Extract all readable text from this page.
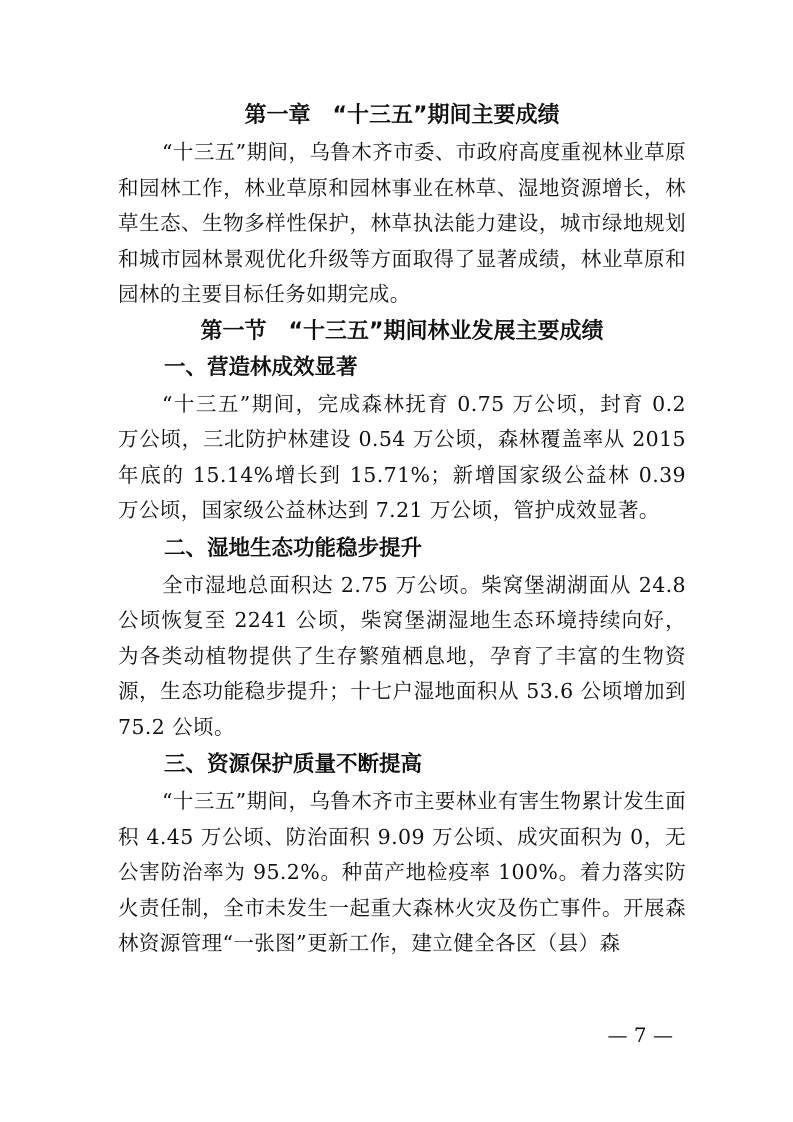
第一章　“十三五”期间主要成绩

“十三五”期间，乌鲁木齐市委、市政府高度重视林业草原和园林工作，林业草原和园林事业在林草、湿地资源增长，林草生态、生物多样性保护，林草执法能力建设，城市绿地规划和城市园林景观优化升级等方面取得了显著成绩，林业草原和园林的主要目标任务如期完成。

第一节　“十三五”期间林业发展主要成绩
一、营造林成效显著

“十三五”期间，完成森林抚育 0.75 万公顷，封育 0.2 万公顷，三北防护林建设 0.54 万公顷，森林覆盖率从 2015 年底的 15.14%增长到 15.71%；新增国家级公益林 0.39 万公顷，国家级公益林达到 7.21 万公顷，管护成效显著。

二、湿地生态功能稳步提升

全市湿地总面积达 2.75 万公顷。柴窝堡湖湖面从 24.8 公顷恢复至 2241 公顷，柴窝堡湖湿地生态环境持续向好，为各类动植物提供了生存繁殖栖息地，孕育了丰富的生物资源，生态功能稳步提升；十七户湿地面积从 53.6 公顷增加到 75.2 公顷。

三、资源保护质量不断提高

“十三五”期间，乌鲁木齐市主要林业有害生物累计发生面积 4.45 万公顷、防治面积 9.09 万公顷、成灾面积为 0，无公害防治率为 95.2%。种苗产地检疫率 100%。着力落实防火责任制，全市未发生一起重大森林火灾及伤亡事件。开展森林资源管理“一张图”更新工作，建立健全各区（县）森

— 7 —
